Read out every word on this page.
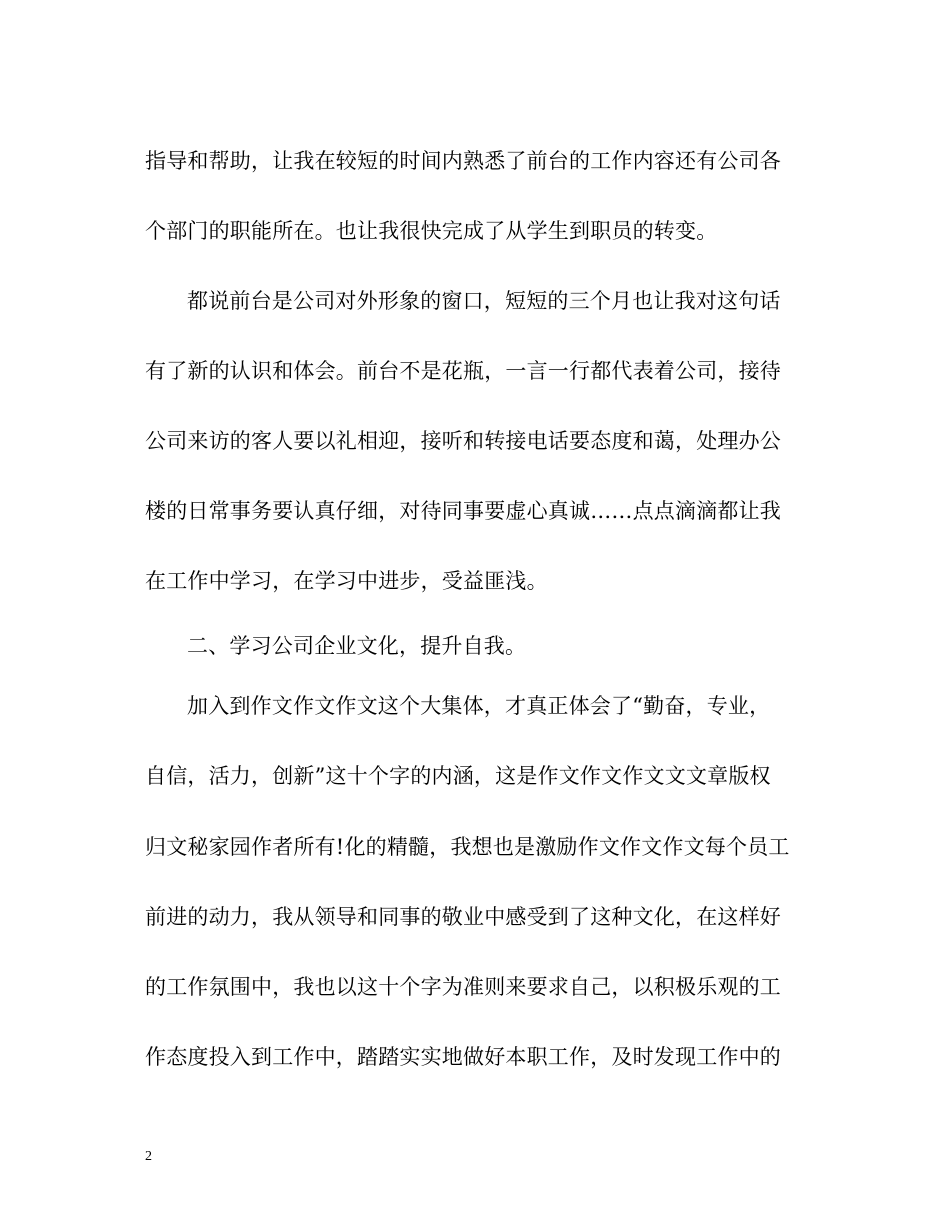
指导和帮助，让我在较短的时间内熟悉了前台的工作内容还有公司各
个部门的职能所在。也让我很快完成了从学生到职员的转变。
都说前台是公司对外形象的窗口，短短的三个月也让我对这句话
有了新的认识和体会。前台不是花瓶，一言一行都代表着公司，接待
公司来访的客人要以礼相迎，接听和转接电话要态度和蔼，处理办公
楼的日常事务要认真仔细，对待同事要虚心真诚……点点滴滴都让我
在工作中学习，在学习中进步，受益匪浅。
二、学习公司企业文化，提升自我。
加入到作文作文作文这个大集体，才真正体会了“勤奋，专业，
自信，活力，创新”这十个字的内涵，这是作文作文作文文文章版权
归文秘家园作者所有!化的精髓，我想也是激励作文作文作文每个员工
前进的动力，我从领导和同事的敬业中感受到了这种文化，在这样好
的工作氛围中，我也以这十个字为准则来要求自己，以积极乐观的工
作态度投入到工作中，踏踏实实地做好本职工作，及时发现工作中的
2
